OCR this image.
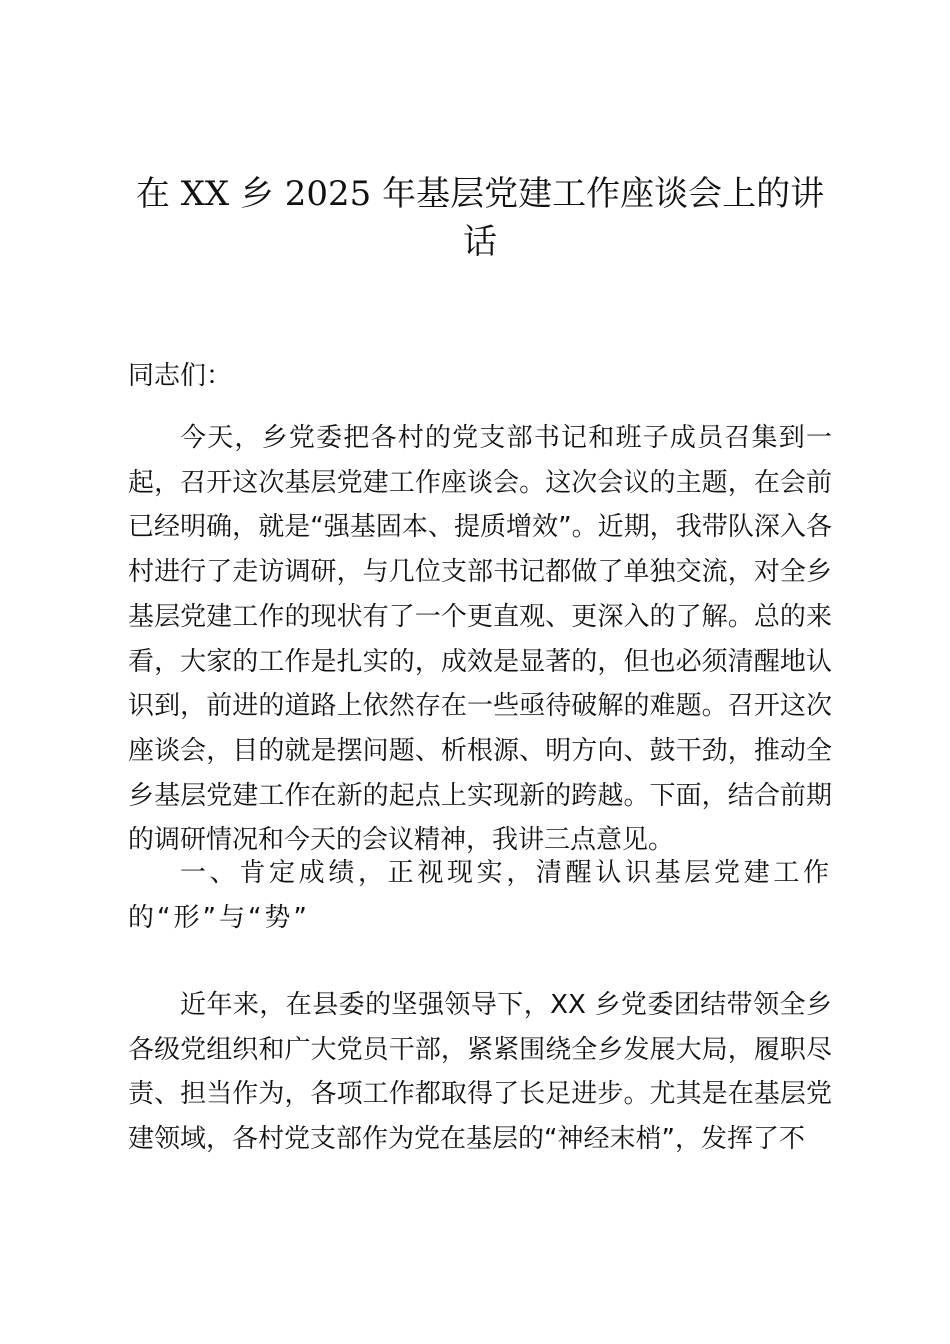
在 XX 乡 2025 年基层党建工作座谈会上的讲话

同志们：

今天，乡党委把各村的党支部书记和班子成员召集到一起，召开这次基层党建工作座谈会。这次会议的主题，在会前已经明确，就是“强基固本、提质增效”。近期，我带队深入各村进行了走访调研，与几位支部书记都做了单独交流，对全乡基层党建工作的现状有了一个更直观、更深入的了解。总的来看，大家的工作是扎实的，成效是显著的，但也必须清醒地认识到，前进的道路上依然存在一些亟待破解的难题。召开这次座谈会，目的就是摆问题、析根源、明方向、鼓干劲，推动全乡基层党建工作在新的起点上实现新的跨越。下面，结合前期的调研情况和今天的会议精神，我讲三点意见。

一、肯定成绩，正视现实，清醒认识基层党建工作的“形”与“势”

近年来，在县委的坚强领导下，XX 乡党委团结带领全乡各级党组织和广大党员干部，紧紧围绕全乡发展大局，履职尽责、担当作为，各项工作都取得了长足进步。尤其是在基层党建领域，各村党支部作为党在基层的“神经末梢”，发挥了不
